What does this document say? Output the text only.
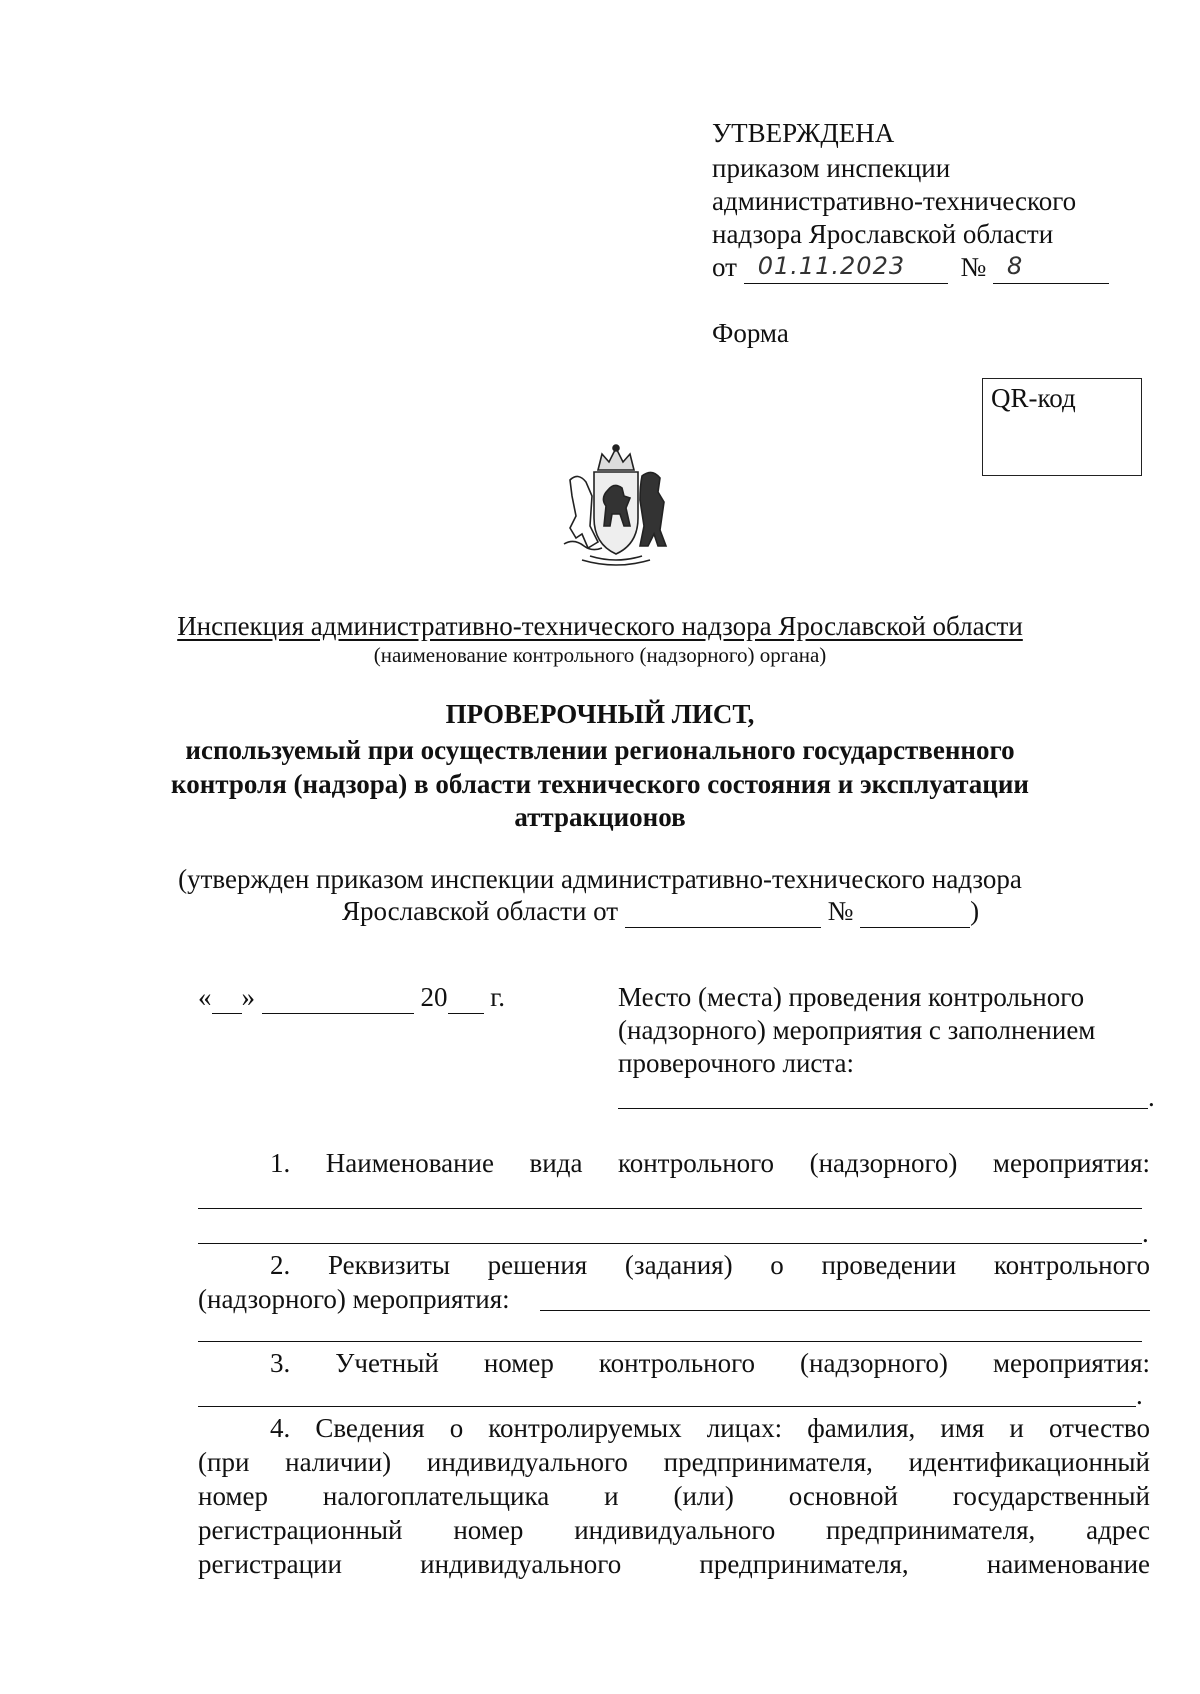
УТВЕРЖДЕНА
приказом инспекции
административно-технического
надзора Ярославской области
от 01.11.2023 № 8
Форма
QR-код
Инспекция административно-технического надзора Ярославской области
(наименование контрольного (надзорного) органа)
ПРОВЕРОЧНЫЙ ЛИСТ,
используемый при осуществлении регионального государственного
контроля (надзора) в области технического состояния и эксплуатации
аттракционов
(утвержден приказом инспекции административно-технического надзора
Ярославской области от	№	)
« »	20 г.	Место (места) проведения контрольного
(надзорного) мероприятия с заполнением
проверочного листа:
.
1. Наименование вида контрольного (надзорного) мероприятия:
.
2. Реквизиты решения (задания) о проведении контрольного
(надзорного) мероприятия:
3. Учетный номер контрольного (надзорного) мероприятия:
.
4. Сведения о контролируемых лицах: фамилия, имя и отчество
(при наличии) индивидуального предпринимателя, идентификационный
номер налогоплательщика и (или) основной государственный
регистрационный номер индивидуального предпринимателя, адрес
регистрации индивидуального предпринимателя, наименование
